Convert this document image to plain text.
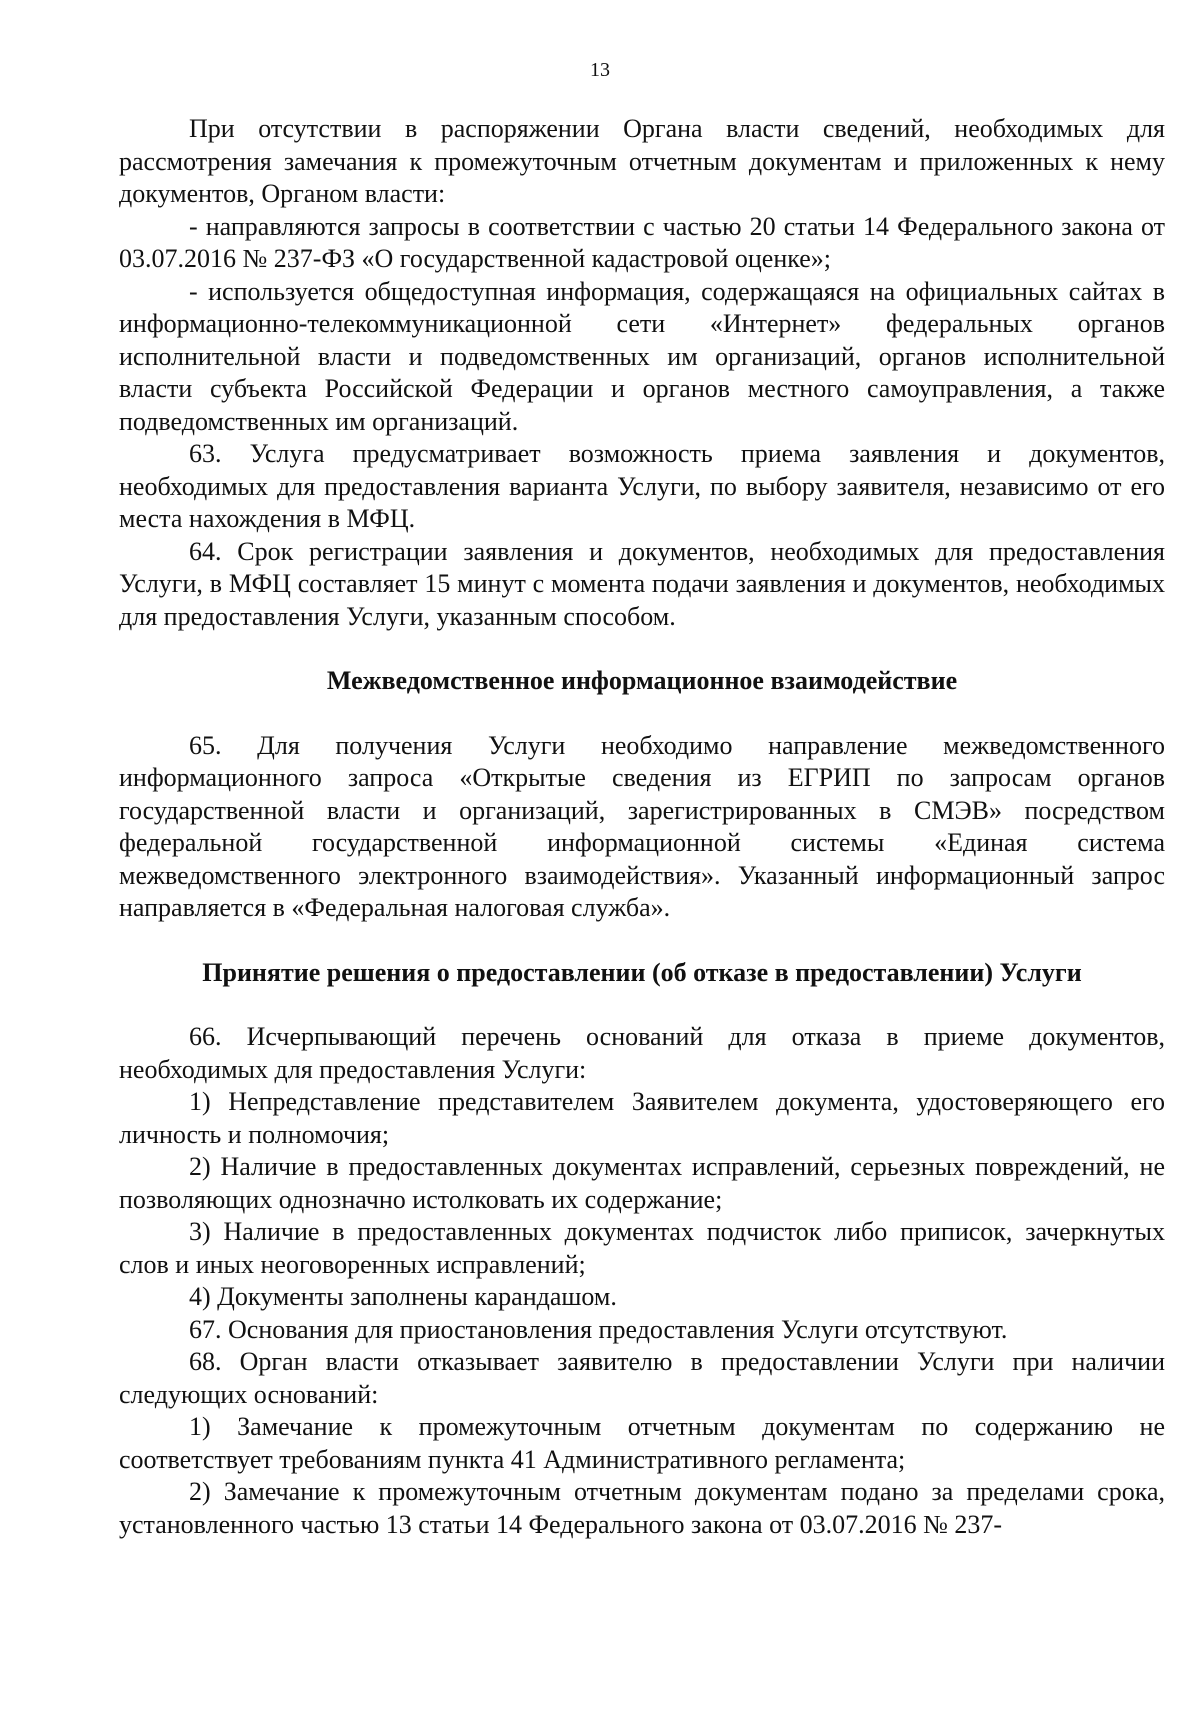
13

При отсутствии в распоряжении Органа власти сведений, необходимых для рассмотрения замечания к промежуточным отчетным документам и приложенных к нему документов, Органом власти:

- направляются запросы в соответствии с частью 20 статьи 14 Федерального закона от 03.07.2016 № 237-ФЗ «О государственной кадастровой оценке»;

- используется общедоступная информация, содержащаяся на официальных сайтах в информационно-телекоммуникационной сети «Интернет» федеральных органов исполнительной власти и подведомственных им организаций, органов исполнительной власти субъекта Российской Федерации и органов местного самоуправления, а также подведомственных им организаций.

63. Услуга предусматривает возможность приема заявления и документов, необходимых для предоставления варианта Услуги, по выбору заявителя, независимо от его места нахождения в МФЦ.

64. Срок регистрации заявления и документов, необходимых для предоставления Услуги, в МФЦ составляет 15 минут с момента подачи заявления и документов, необходимых для предоставления Услуги, указанным способом.

Межведомственное информационное взаимодействие

65. Для получения Услуги необходимо направление межведомственного информационного запроса «Открытые сведения из ЕГРИП по запросам органов государственной власти и организаций, зарегистрированных в СМЭВ» посредством федеральной государственной информационной системы «Единая система межведомственного электронного взаимодействия». Указанный информационный запрос направляется в «Федеральная налоговая служба».

Принятие решения о предоставлении (об отказе в предоставлении) Услуги

66. Исчерпывающий перечень оснований для отказа в приеме документов, необходимых для предоставления Услуги:

1) Непредставление представителем Заявителем документа, удостоверяющего его личность и полномочия;

2) Наличие в предоставленных документах исправлений, серьезных повреждений, не позволяющих однозначно истолковать их содержание;

3) Наличие в предоставленных документах подчисток либо приписок, зачеркнутых слов и иных неоговоренных исправлений;

4) Документы заполнены карандашом.

67. Основания для приостановления предоставления Услуги отсутствуют.

68. Орган власти отказывает заявителю в предоставлении Услуги при наличии следующих оснований:

1) Замечание к промежуточным отчетным документам по содержанию не соответствует требованиям пункта 41 Административного регламента;

2) Замечание к промежуточным отчетным документам подано за пределами срока, установленного частью 13 статьи 14 Федерального закона от 03.07.2016 № 237-
